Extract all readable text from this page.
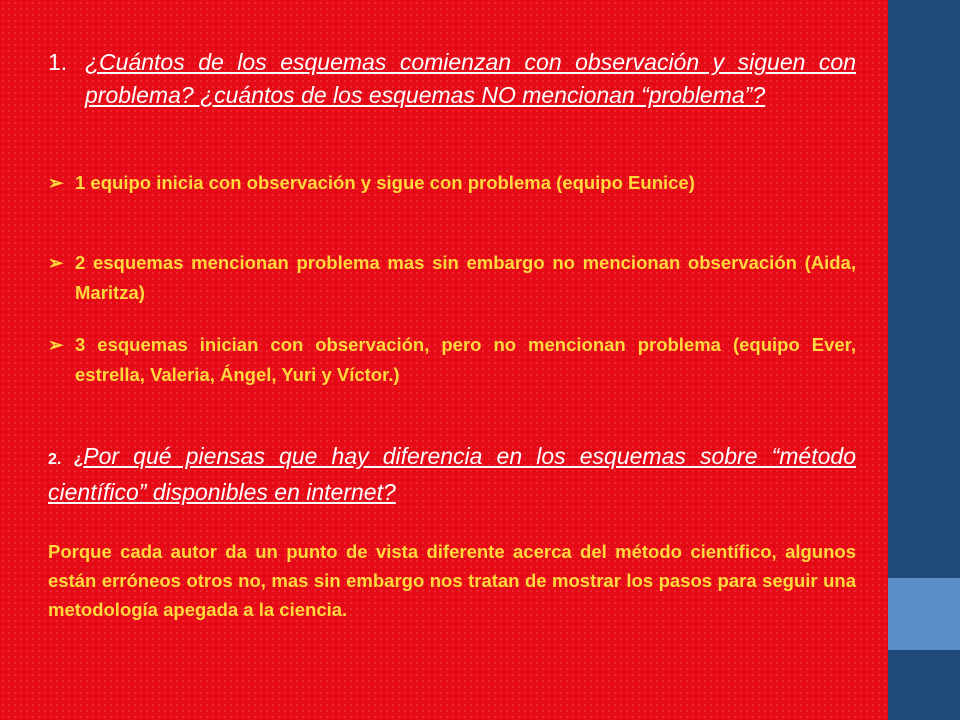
1. ¿Cuántos de los esquemas comienzan con observación y siguen con problema? ¿cuántos de los esquemas NO mencionan “problema”?
➢ 1 equipo inicia con observación y sigue con problema (equipo Eunice)
➢ 2 esquemas mencionan problema mas sin embargo no mencionan observación (Aida, Maritza)
➢ 3 esquemas inician con observación, pero no mencionan problema (equipo Ever, estrella, Valeria, Ángel, Yuri y Víctor.)
2. ¿Por qué piensas que hay diferencia en los esquemas sobre “método científico” disponibles en internet?
Porque cada autor da un punto de vista diferente acerca del método científico, algunos están erróneos otros no, mas sin embargo nos tratan de mostrar los pasos para seguir una metodología apegada a la ciencia.
